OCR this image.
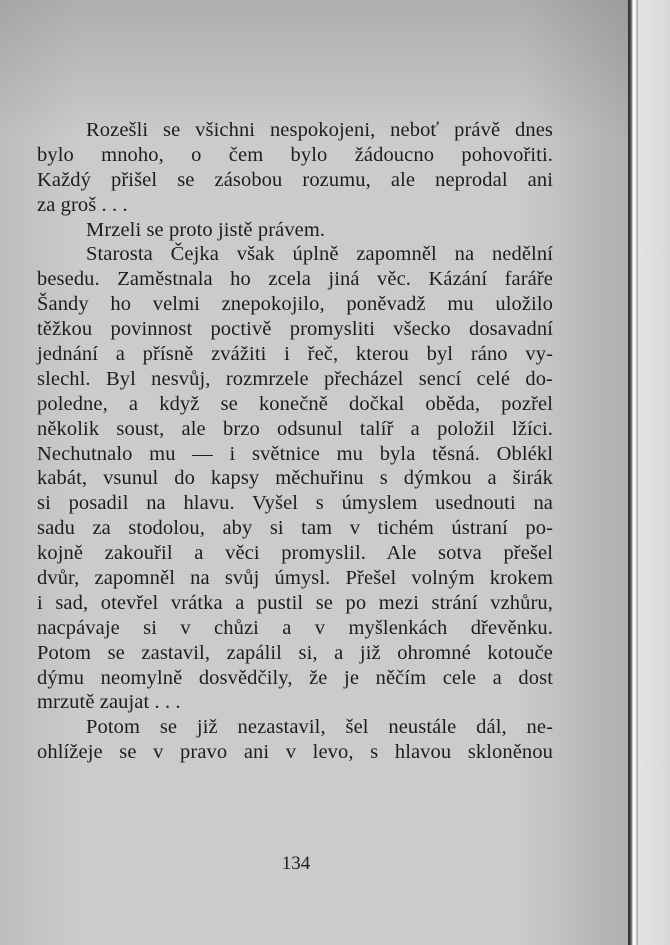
Rozešli se všichni nespokojeni, neboť právě dnes
bylo mnoho, o čem bylo žádoucno pohovořiti.
Každý přišel se zásobou rozumu, ale neprodal ani
za groš . . .
Mrzeli se proto jistě právem.
Starosta Čejka však úplně zapomněl na nedělní
besedu. Zaměstnala ho zcela jiná věc. Kázání faráře
Šandy ho velmi znepokojilo, poněvadž mu uložilo
těžkou povinnost poctivě promysliti všecko dosavadní
jednání a přísně zvážiti i řeč, kterou byl ráno vy-
slechl. Byl nesvůj, rozmrzele přecházel sencí celé do-
poledne, a když se konečně dočkal oběda, pozřel
několik soust, ale brzo odsunul talíř a položil lžíci.
Nechutnalo mu — i světnice mu byla těsná. Oblékl
kabát, vsunul do kapsy měchuřinu s dýmkou a širák
si posadil na hlavu. Vyšel s úmyslem usednouti na
sadu za stodolou, aby si tam v tichém ústraní po-
kojně zakouřil a věci promyslil. Ale sotva přešel
dvůr, zapomněl na svůj úmysl. Přešel volným krokem
i sad, otevřel vrátka a pustil se po mezi strání vzhůru,
nacpávaje si v chůzi a v myšlenkách dřevěnku.
Potom se zastavil, zapálil si, a již ohromné kotouče
dýmu neomylně dosvědčily, že je něčím cele a dost
mrzutě zaujat . . .
Potom se již nezastavil, šel neustále dál, ne-
ohlížeje se v pravo ani v levo, s hlavou skloněnou
134
